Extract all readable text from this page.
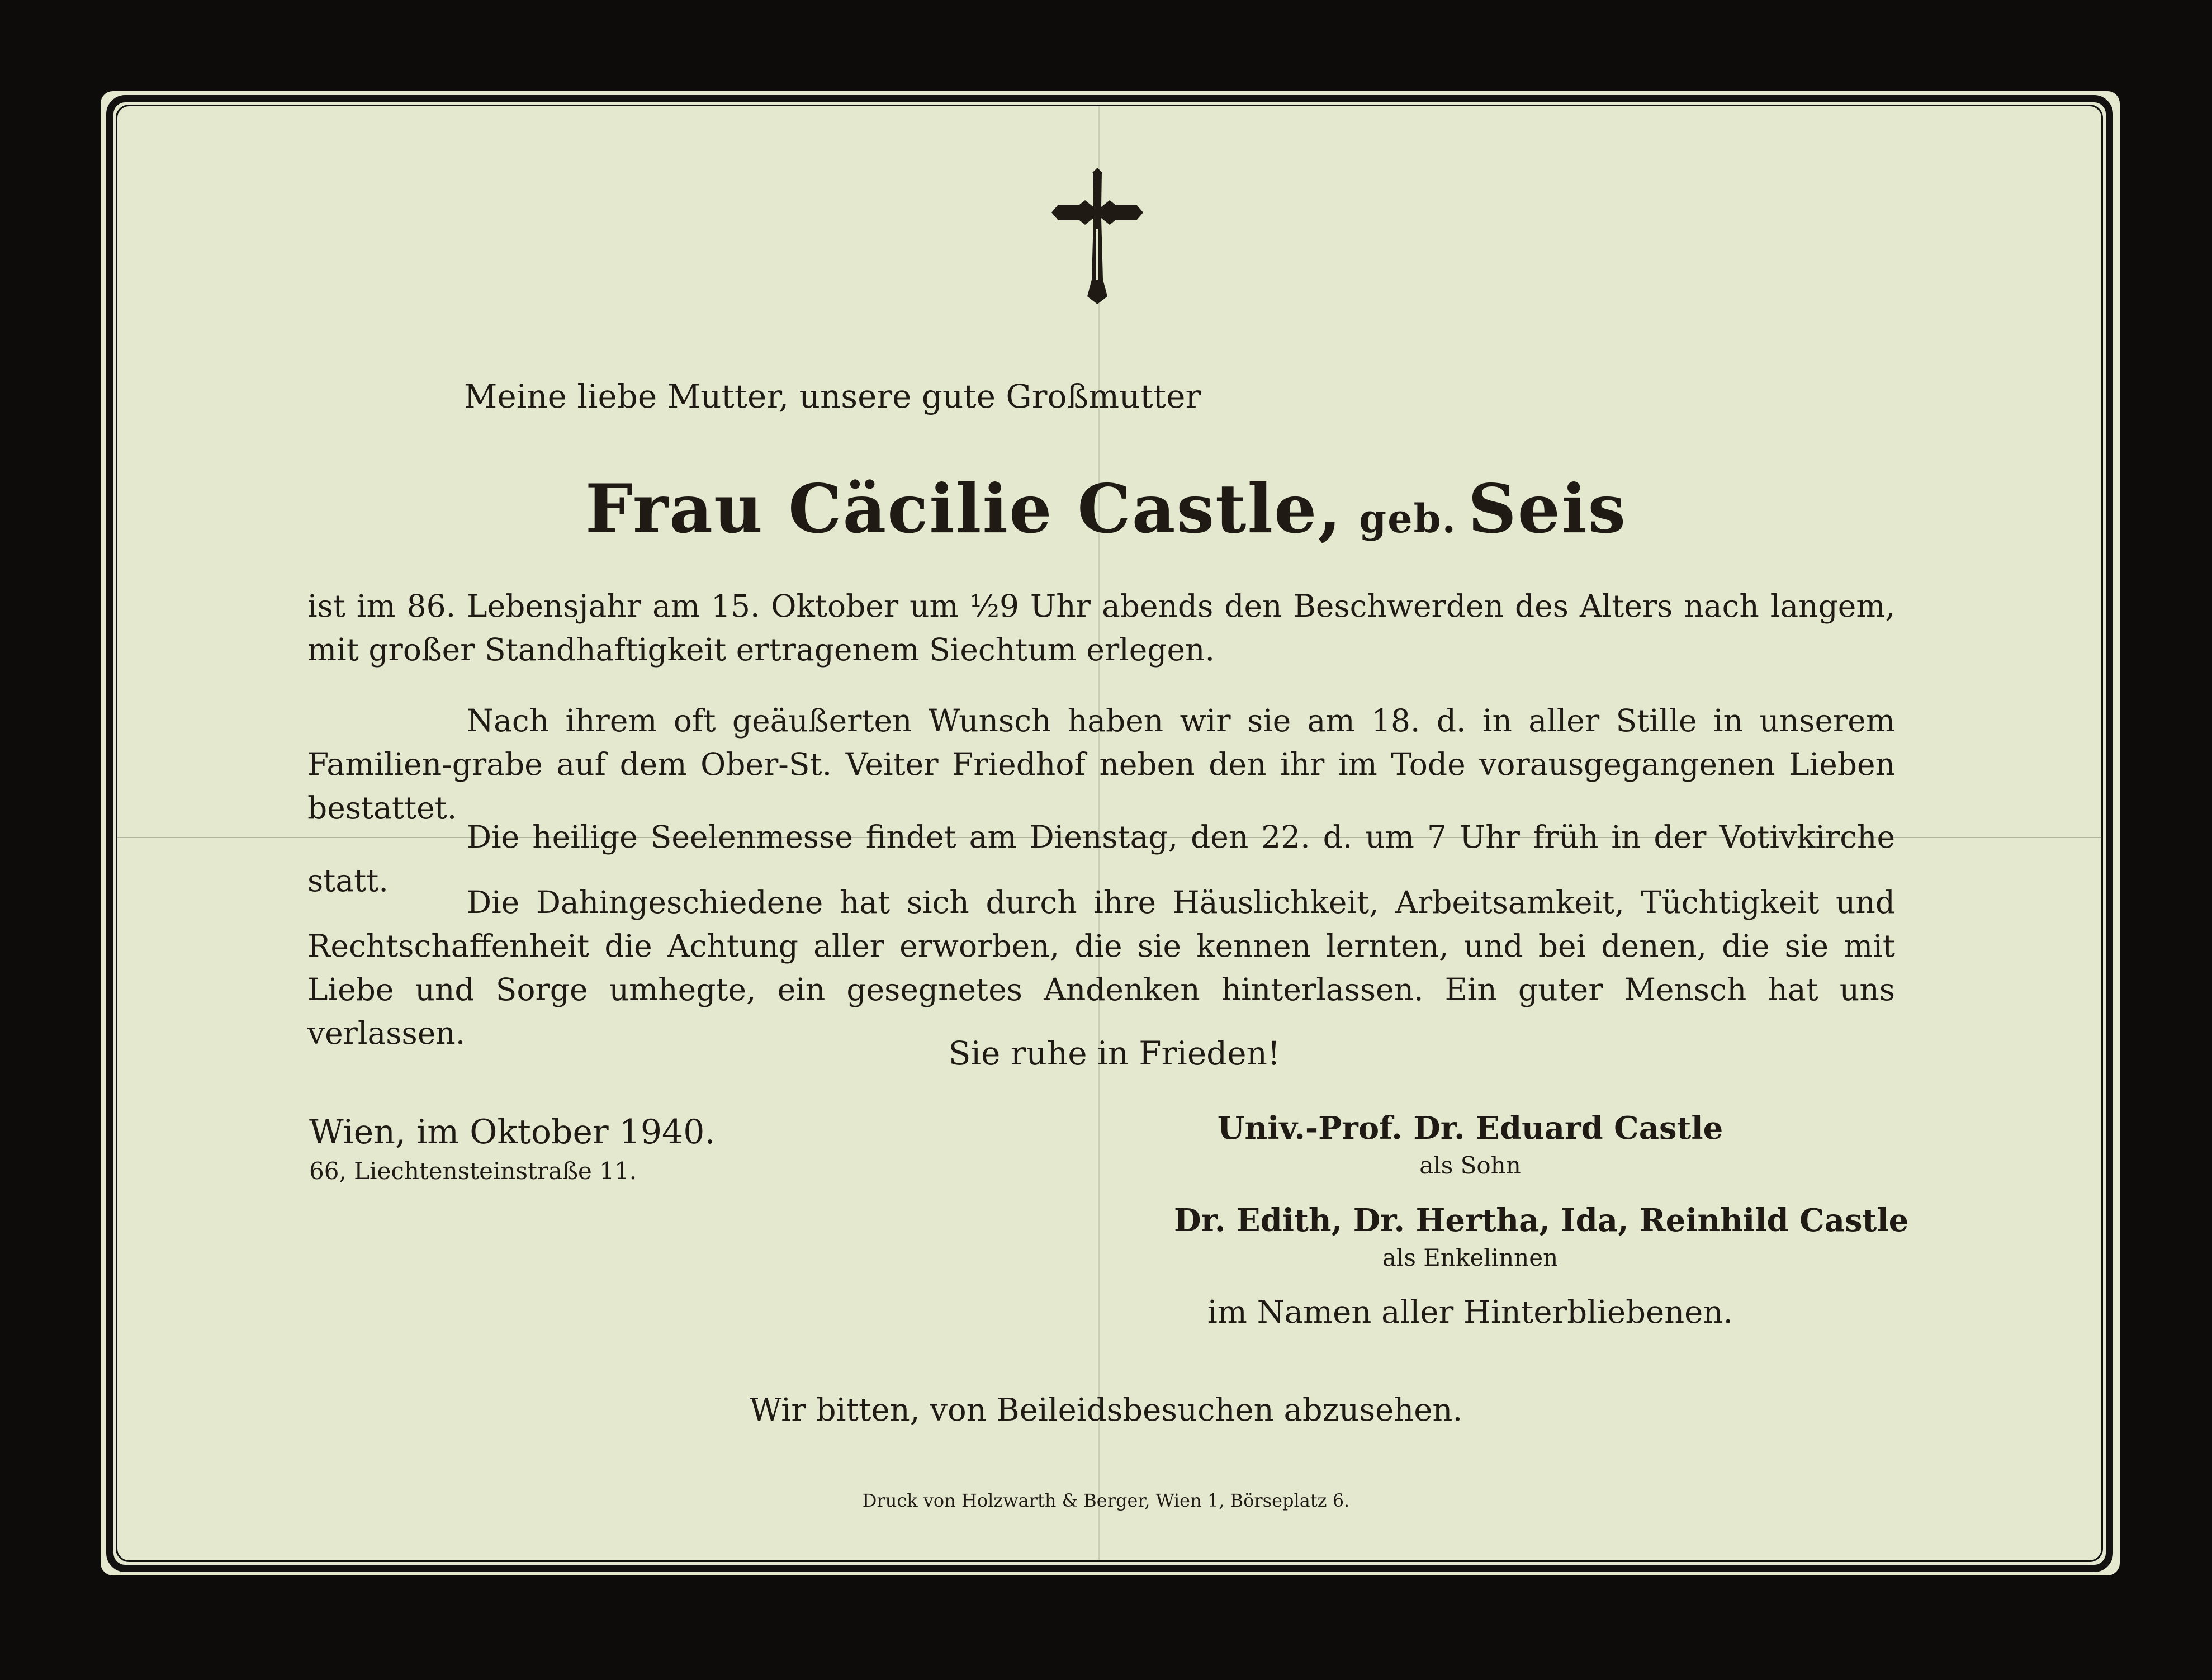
Meine liebe Mutter, unsere gute Großmutter
Frau Cäcilie Castle, geb. Seis
ist im 86. Lebensjahr am 15. Oktober um ½9 Uhr abends den Beschwerden des Alters nach langem, mit großer Standhaftigkeit ertragenem Siechtum erlegen.
Nach ihrem oft geäußerten Wunsch haben wir sie am 18. d. in aller Stille in unserem Familien-grabe auf dem Ober-St. Veiter Friedhof neben den ihr im Tode vorausgegangenen Lieben bestattet.
Die heilige Seelenmesse findet am Dienstag, den 22. d. um 7 Uhr früh in der Votivkirche statt.
Die Dahingeschiedene hat sich durch ihre Häuslichkeit, Arbeitsamkeit, Tüchtigkeit und Rechtschaffenheit die Achtung aller erworben, die sie kennen lernten, und bei denen, die sie mit Liebe und Sorge umhegte, ein gesegnetes Andenken hinterlassen. Ein guter Mensch hat uns verlassen.
Sie ruhe in Frieden!
Wien, im Oktober 1940.
66, Liechtensteinstraße 11.
Univ.-Prof. Dr. Eduard Castle
als Sohn
Dr. Edith, Dr. Hertha, Ida, Reinhild Castle
als Enkelinnen
im Namen aller Hinterbliebenen.
Wir bitten, von Beileidsbesuchen abzusehen.
Druck von Holzwarth & Berger, Wien 1, Börseplatz 6.
